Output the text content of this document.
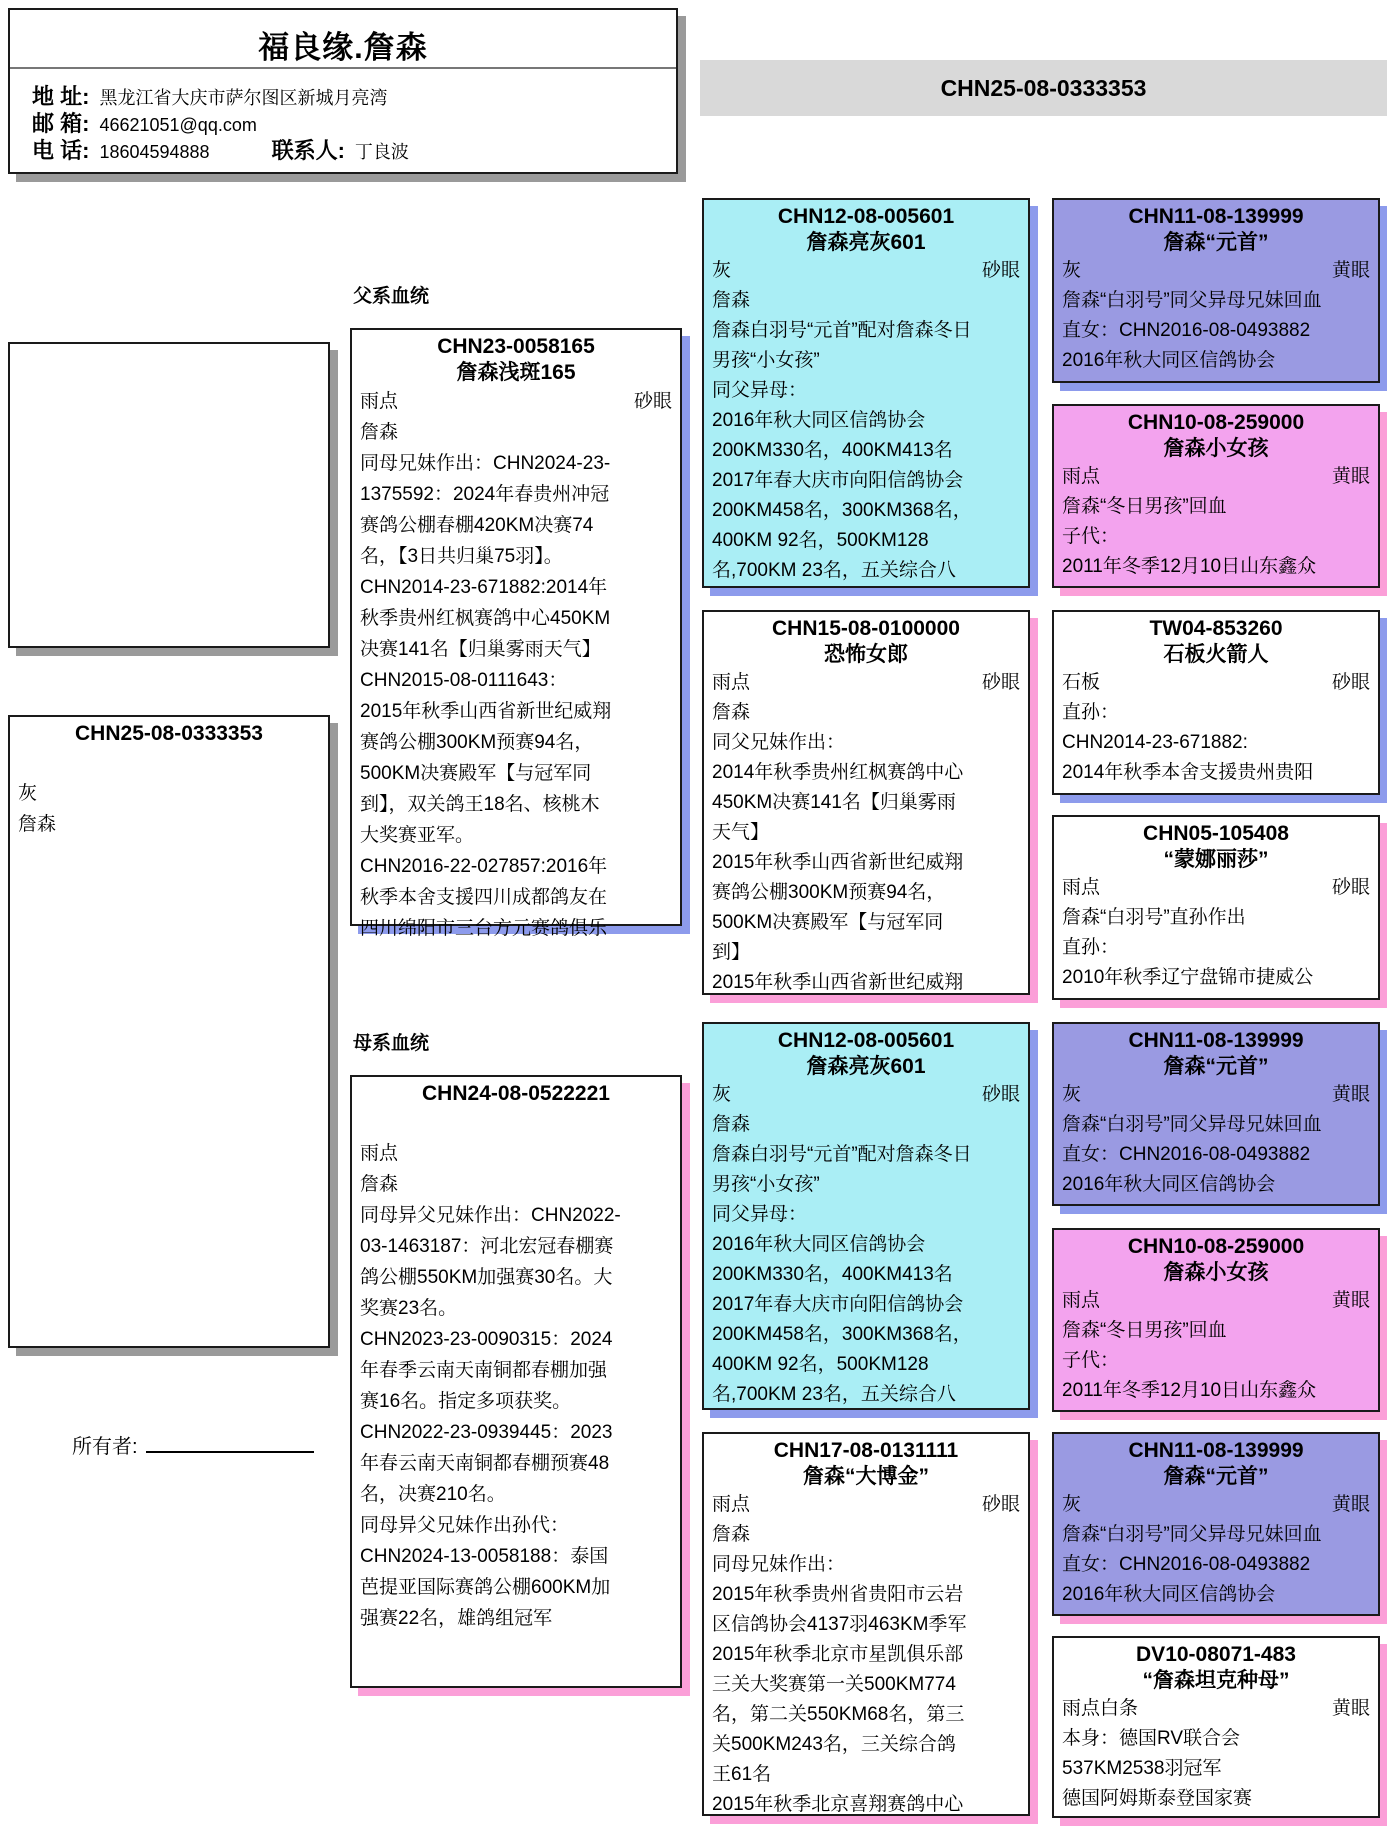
福良缘.詹森
地 址: 黑龙江省大庆市萨尔图区新城月亮湾
邮 箱: 46621051@qq.com
电 话: 18604594888	联系人: 丁良波
CHN25-08-0333353
父系血统
母系血统
所有者:
CHN25-08-0333353

灰
詹森
CHN23-0058165
詹森浅斑165
雨点	砂眼
詹森
同母兄妹作出：CHN2024-23-
1375592：2024年春贵州冲冠
赛鸽公棚春棚420KM决赛74
名，【3日共归巢75羽】。
CHN2014-23-671882:2014年
秋季贵州红枫赛鸽中心450KM
决赛141名【归巢雾雨天气】
CHN2015-08-0111643：
2015年秋季山西省新世纪威翔
赛鸽公棚300KM预赛94名，
500KM决赛殿军【与冠军同
到】，双关鸽王18名、核桃木
大奖赛亚军。
CHN2016-22-027857:2016年
秋季本舍支援四川成都鸽友在
四川绵阳市三台方元赛鸽俱乐
CHN24-08-0522221

雨点
詹森
同母异父兄妹作出：CHN2022-
03-1463187：河北宏冠春棚赛
鸽公棚550KM加强赛30名。大
奖赛23名。
CHN2023-23-0090315：2024
年春季云南天南铜都春棚加强
赛16名。指定多项获奖。
CHN2022-23-0939445：2023
年春云南天南铜都春棚预赛48
名，决赛210名。
同母异父兄妹作出孙代：
CHN2024-13-0058188：泰国
芭提亚国际赛鸽公棚600KM加
强赛22名，雄鸽组冠军
CHN12-08-005601
詹森亮灰601
灰	砂眼
詹森
詹森白羽号“元首”配对詹森冬日
男孩“小女孩”
同父异母：
2016年秋大同区信鸽协会
200KM330名，400KM413名
2017年春大庆市向阳信鸽协会
200KM458名，300KM368名，
400KM 92名，500KM128
名,700KM 23名，五关综合八
CHN15-08-0100000
恐怖女郎
雨点	砂眼
詹森
同父兄妹作出：
2014年秋季贵州红枫赛鸽中心
450KM决赛141名【归巢雾雨
天气】
2015年秋季山西省新世纪威翔
赛鸽公棚300KM预赛94名，
500KM决赛殿军【与冠军同
到】
2015年秋季山西省新世纪威翔
CHN12-08-005601
詹森亮灰601
灰	砂眼
詹森
詹森白羽号“元首”配对詹森冬日
男孩“小女孩”
同父异母：
2016年秋大同区信鸽协会
200KM330名，400KM413名
2017年春大庆市向阳信鸽协会
200KM458名，300KM368名，
400KM 92名，500KM128
名,700KM 23名，五关综合八
CHN17-08-0131111
詹森“大博金”
雨点	砂眼
詹森
同母兄妹作出：
2015年秋季贵州省贵阳市云岩
区信鸽协会4137羽463KM季军
2015年秋季北京市星凯俱乐部
三关大奖赛第一关500KM774
名，第二关550KM68名，第三
关500KM243名，三关综合鸽
王61名
2015年秋季北京喜翔赛鸽中心
CHN11-08-139999
詹森“元首”
灰	黄眼
詹森“白羽号”同父异母兄妹回血
直女：CHN2016-08-0493882
2016年秋大同区信鸽协会
CHN10-08-259000
詹森小女孩
雨点	黄眼
詹森“冬日男孩”回血
子代：
2011年冬季12月10日山东鑫众
TW04-853260
石板火箭人
石板	砂眼
直孙：
CHN2014-23-671882:
2014年秋季本舍支援贵州贵阳
CHN05-105408
“蒙娜丽莎”
雨点	砂眼
詹森“白羽号”直孙作出
直孙：
2010年秋季辽宁盘锦市捷威公
CHN11-08-139999
詹森“元首”
灰	黄眼
詹森“白羽号”同父异母兄妹回血
直女：CHN2016-08-0493882
2016年秋大同区信鸽协会
CHN10-08-259000
詹森小女孩
雨点	黄眼
詹森“冬日男孩”回血
子代：
2011年冬季12月10日山东鑫众
CHN11-08-139999
詹森“元首”
灰	黄眼
詹森“白羽号”同父异母兄妹回血
直女：CHN2016-08-0493882
2016年秋大同区信鸽协会
DV10-08071-483
“詹森坦克种母”
雨点白条	黄眼
本身：德国RV联合会
537KM2538羽冠军
德国阿姆斯泰登国家赛
